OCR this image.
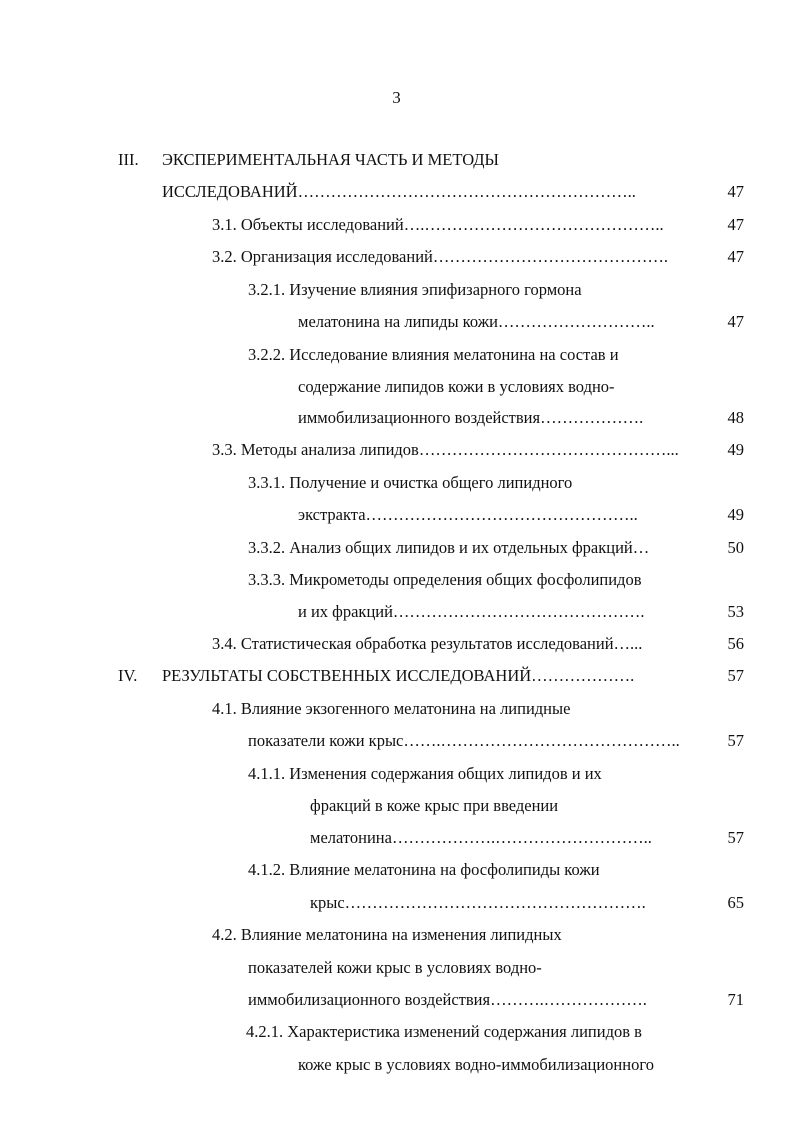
3
III. ЭКСПЕРИМЕНТАЛЬНАЯ ЧАСТЬ И МЕТОДЫ
ИССЛЕДОВАНИЙ……………………………………………………..	47
3.1. Объекты исследований….……………………………………..	47
3.2. Организация исследований…………………………………….	47
3.2.1. Изучение влияния эпифизарного гормона
мелатонина на липиды кожи………………………..	47
3.2.2. Исследование влияния мелатонина на состав и
содержание липидов кожи в условиях водно-
иммобилизационного воздействия……………….	48
3.3. Методы анализа липидов………………………………………...	49
3.3.1. Получение и очистка общего липидного
экстракта…………………………………………..	49
3.3.2. Анализ общих липидов и их отдельных фракций…	50
3.3.3. Микрометоды определения общих фосфолипидов
и их фракций……………………………………….	53
3.4. Статистическая обработка результатов исследований…...	56
IV. РЕЗУЛЬТАТЫ СОБСТВЕННЫХ ИССЛЕДОВАНИЙ……………….	57
4.1. Влияние экзогенного мелатонина на липидные
показатели кожи крыс…….……………………………………..	57
4.1.1. Изменения содержания общих липидов и их
фракций в коже крыс при введении
мелатонина……………….………………………..	57
4.1.2. Влияние мелатонина на фосфолипиды кожи
крыс……………………………………………….	65
4.2. Влияние мелатонина на изменения липидных
показателей кожи крыс в условиях водно-
иммобилизационного воздействия……….……………….	71
4.2.1. Характеристика изменений содержания липидов в
коже крыс в условиях водно-иммобилизационного
